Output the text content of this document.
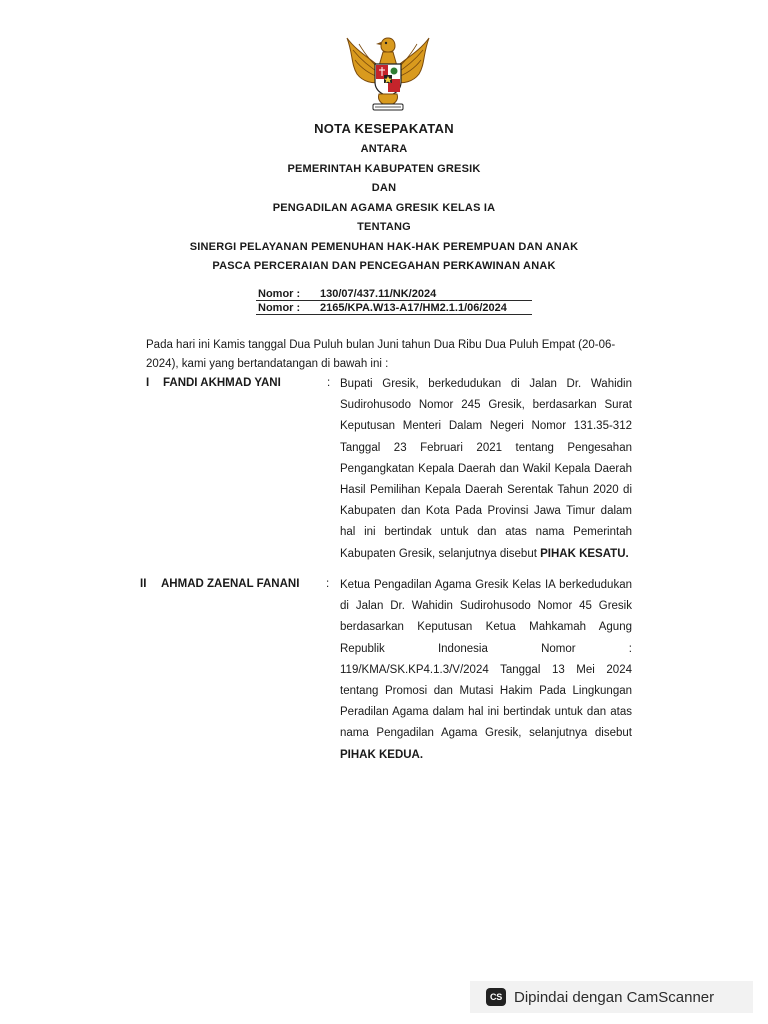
NOTA KESEPAKATAN
ANTARA
PEMERINTAH KABUPATEN GRESIK
DAN
PENGADILAN AGAMA GRESIK KELAS IA
TENTANG
SINERGI PELAYANAN PEMENUHAN HAK-HAK PEREMPUAN DAN ANAK
PASCA PERCERAIAN DAN PENCEGAHAN PERKAWINAN ANAK
Nomor :	130/07/437.11/NK/2024
Nomor :	2165/KPA.W13-A17/HM2.1.1/06/2024
Pada hari ini Kamis tanggal Dua Puluh bulan Juni tahun Dua Ribu Dua Puluh Empat (20-06-2024), kami yang bertandatangan di bawah ini :
I FANDI AKHMAD YANI	: Bupati Gresik, berkedudukan di Jalan Dr. Wahidin Sudirohusodo Nomor 245 Gresik, berdasarkan Surat Keputusan Menteri Dalam Negeri Nomor 131.35-312 Tanggal 23 Februari 2021 tentang Pengesahan Pengangkatan Kepala Daerah dan Wakil Kepala Daerah Hasil Pemilihan Kepala Daerah Serentak Tahun 2020 di Kabupaten dan Kota Pada Provinsi Jawa Timur dalam hal ini bertindak untuk dan atas nama Pemerintah Kabupaten Gresik, selanjutnya disebut PIHAK KESATU.
II AHMAD ZAENAL FANANI : Ketua Pengadilan Agama Gresik Kelas IA berkedudukan di Jalan Dr. Wahidin Sudirohusodo Nomor 45 Gresik berdasarkan Keputusan Ketua Mahkamah Agung Republik Indonesia Nomor : 119/KMA/SK.KP4.1.3/V/2024 Tanggal 13 Mei 2024 tentang Promosi dan Mutasi Hakim Pada Lingkungan Peradilan Agama dalam hal ini bertindak untuk dan atas nama Pengadilan Agama Gresik, selanjutnya disebut PIHAK KEDUA.
CS Dipindai dengan CamScanner
